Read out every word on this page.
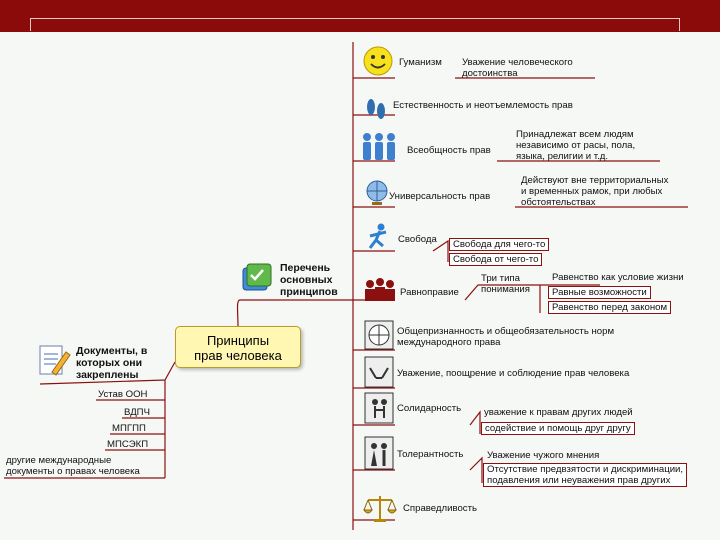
Принципы
прав человека
Перечень
основных
принципов
Документы, в
которых они
закреплены
Устав ООН
ВДПЧ
МПГПП
МПСЭКП
другие международные
документы о правах человека
Гуманизм
Естественность и неотъемлемость прав
Всеобщность прав
Универсальность прав
Свобода
Равноправие
Общепризнанность и общеобязательность норм
международного права
Уважение, поощрение и соблюдение прав человека
Солидарность
Толерантность
Справедливость
Уважение человеческого
достоинства
Принадлежат всем людям
независимо от расы, пола,
языка, религии и т.д.
Действуют вне территориальных
и временных рамок, при любых
обстоятельствах
Свобода для чего-то
Свобода от чего-то
Три типа
понимания
Равенство как условие жизни
Равные возможности
Равенство перед законом
уважение к правам других людей
содействие и помощь друг другу
Уважение чужого мнения
Отсутствие предвзятости и дискриминации,
подавления или неуважения прав других
